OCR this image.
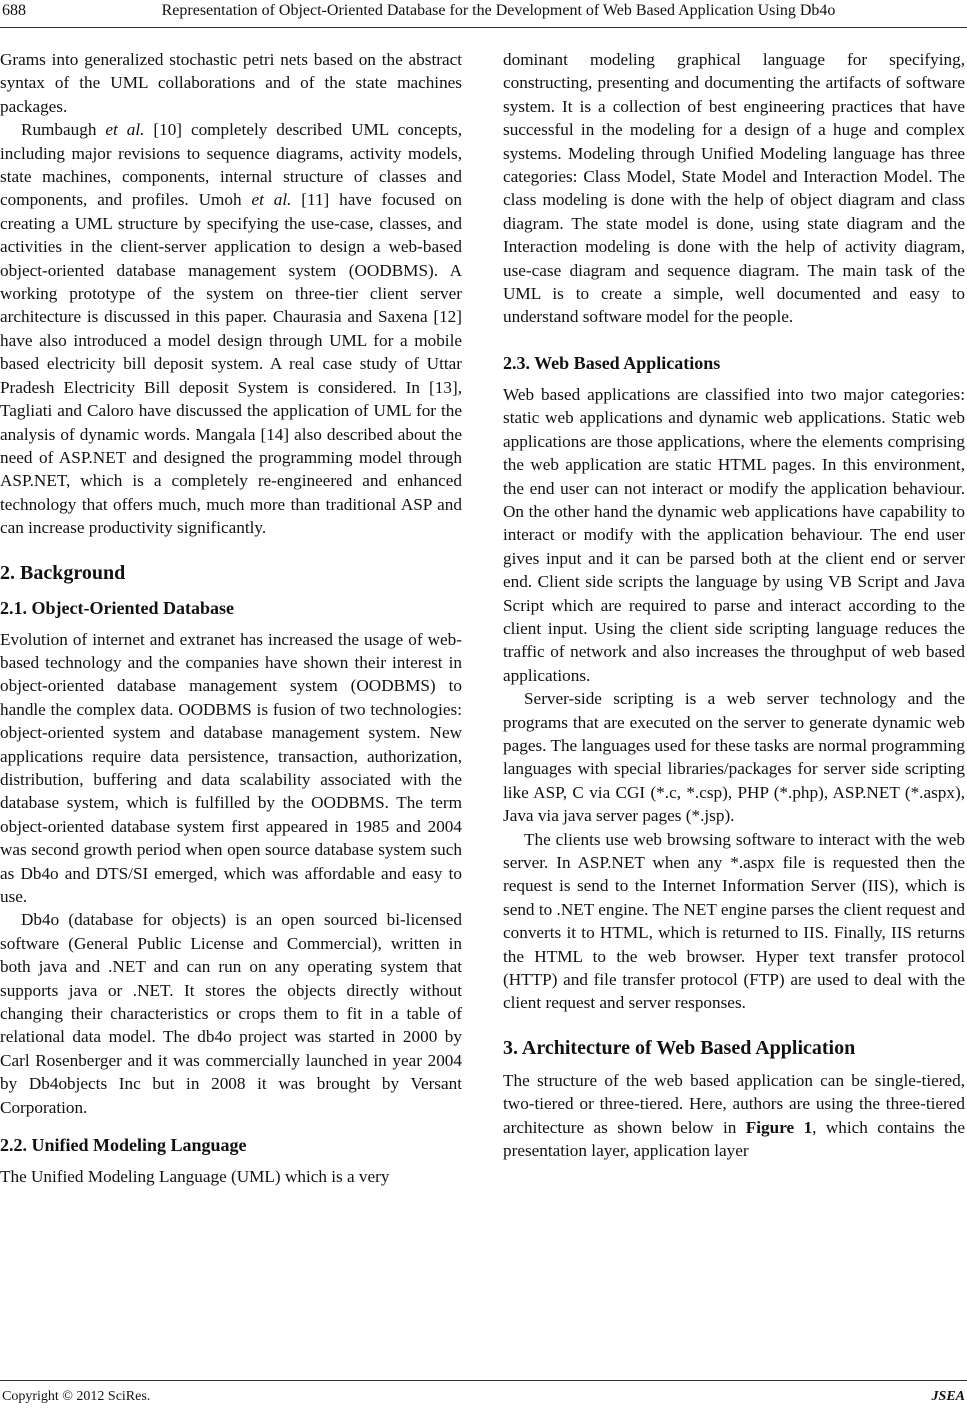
688	Representation of Object-Oriented Database for the Development of Web Based Application Using Db4o

Grams into generalized stochastic petri nets based on the abstract syntax of the UML collaborations and of the state machines packages.

Rumbaugh et al. [10] completely described UML concepts, including major revisions to sequence diagrams, activity models, state machines, components, internal structure of classes and components, and profiles. Umoh et al. [11] have focused on creating a UML structure by specifying the use-case, classes, and activities in the client-server application to design a web-based object-oriented database management system (OODBMS). A working prototype of the system on three-tier client server architecture is discussed in this paper. Chaurasia and Saxena [12] have also introduced a model design through UML for a mobile based electricity bill deposit system. A real case study of Uttar Pradesh Electricity Bill deposit System is considered. In [13], Tagliati and Caloro have discussed the application of UML for the analysis of dynamic words. Mangala [14] also described about the need of ASP.NET and designed the programming model through ASP.NET, which is a completely re-engineered and enhanced technology that offers much, much more than traditional ASP and can increase productivity significantly.

2. Background
2.1. Object-Oriented Database

Evolution of internet and extranet has increased the usage of web-based technology and the companies have shown their interest in object-oriented database management system (OODBMS) to handle the complex data. OODBMS is fusion of two technologies: object-oriented system and database management system. New applications require data persistence, transaction, authorization, distribution, buffering and data scalability associated with the database system, which is fulfilled by the OODBMS. The term object-oriented database system first appeared in 1985 and 2004 was second growth period when open source database system such as Db4o and DTS/SI emerged, which was affordable and easy to use.

Db4o (database for objects) is an open sourced bi-licensed software (General Public License and Commercial), written in both java and .NET and can run on any operating system that supports java or .NET. It stores the objects directly without changing their characteristics or crops them to fit in a table of relational data model. The db4o project was started in 2000 by Carl Rosenberger and it was commercially launched in year 2004 by Db4objects Inc but in 2008 it was brought by Versant Corporation.

2.2. Unified Modeling Language

The Unified Modeling Language (UML) which is a very

dominant modeling graphical language for specifying, constructing, presenting and documenting the artifacts of software system. It is a collection of best engineering practices that have successful in the modeling for a design of a huge and complex systems. Modeling through Unified Modeling language has three categories: Class Model, State Model and Interaction Model. The class modeling is done with the help of object diagram and class diagram. The state model is done, using state diagram and the Interaction modeling is done with the help of activity diagram, use-case diagram and sequence diagram. The main task of the UML is to create a simple, well documented and easy to understand software model for the people.

2.3. Web Based Applications

Web based applications are classified into two major categories: static web applications and dynamic web applications. Static web applications are those applications, where the elements comprising the web application are static HTML pages. In this environment, the end user can not interact or modify the application behaviour. On the other hand the dynamic web applications have capability to interact or modify with the application behaviour. The end user gives input and it can be parsed both at the client end or server end. Client side scripts the language by using VB Script and Java Script which are required to parse and interact according to the client input. Using the client side scripting language reduces the traffic of network and also increases the throughput of web based applications.

Server-side scripting is a web server technology and the programs that are executed on the server to generate dynamic web pages. The languages used for these tasks are normal programming languages with special libraries/packages for server side scripting like ASP, C via CGI (*.c, *.csp), PHP (*.php), ASP.NET (*.aspx), Java via java server pages (*.jsp).

The clients use web browsing software to interact with the web server. In ASP.NET when any *.aspx file is requested then the request is send to the Internet Information Server (IIS), which is send to .NET engine. The NET engine parses the client request and converts it to HTML, which is returned to IIS. Finally, IIS returns the HTML to the web browser. Hyper text transfer protocol (HTTP) and file transfer protocol (FTP) are used to deal with the client request and server responses.

3. Architecture of Web Based Application

The structure of the web based application can be single-tiered, two-tiered or three-tiered. Here, authors are using the three-tiered architecture as shown below in Figure 1, which contains the presentation layer, application layer

Copyright © 2012 SciRes.	JSEA
